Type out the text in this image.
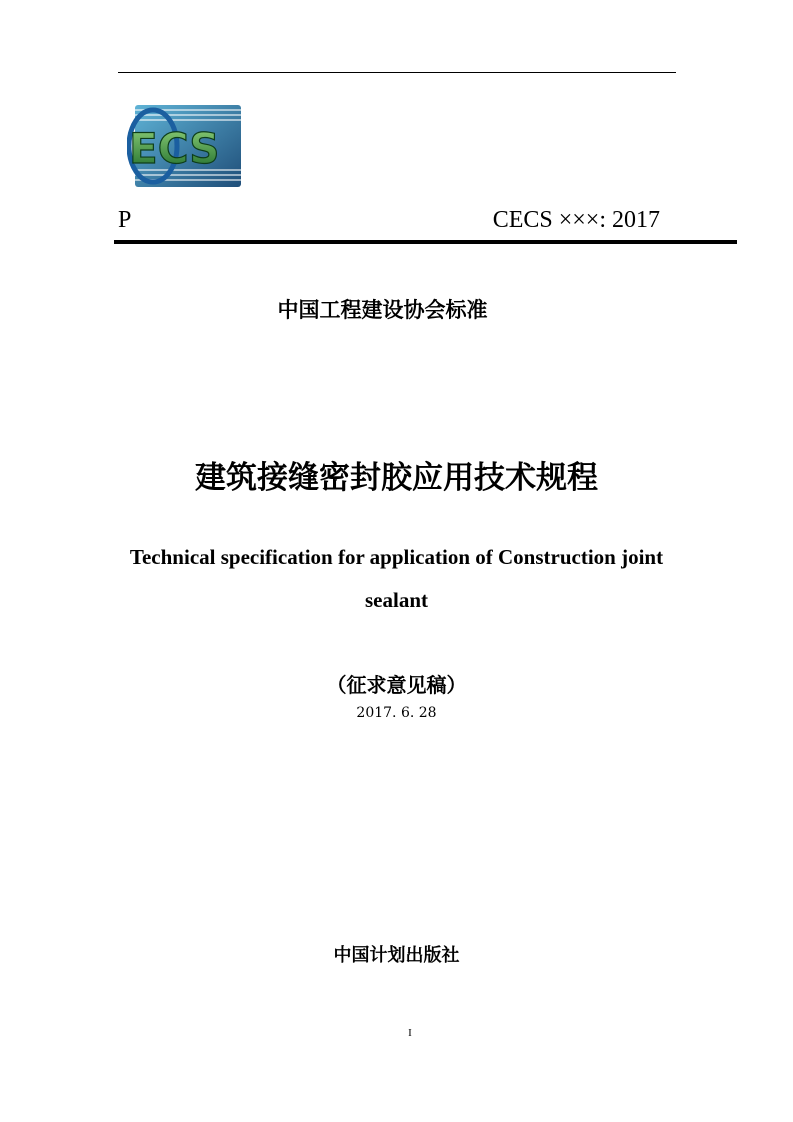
ECS
P	CECS ×××: 2017
中国工程建设协会标准
建筑接缝密封胶应用技术规程
Technical specification for application of Construction joint
sealant
（征求意见稿）
2017. 6. 28
中国计划出版社
I
